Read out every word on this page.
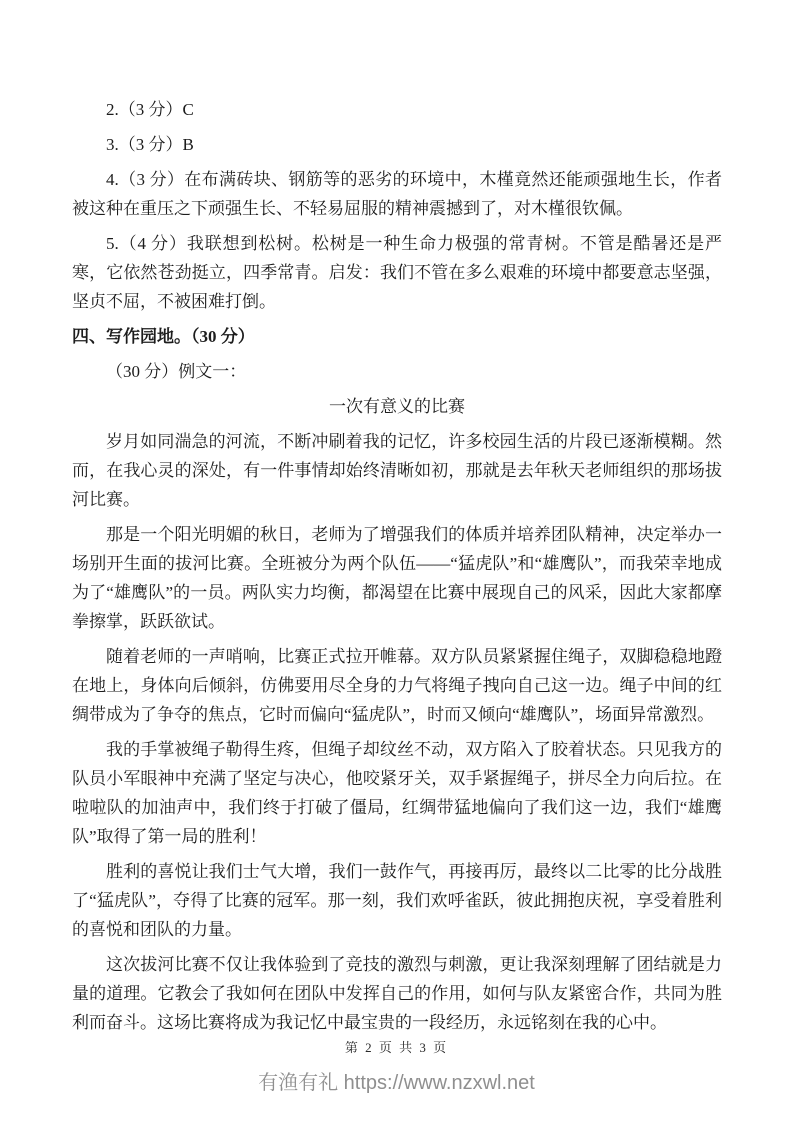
2.（3 分）C

3.（3 分）B

4.（3 分）在布满砖块、钢筋等的恶劣的环境中，木槿竟然还能顽强地生长，作者被这种在重压之下顽强生长、不轻易屈服的精神震撼到了，对木槿很钦佩。

5.（4 分）我联想到松树。松树是一种生命力极强的常青树。不管是酷暑还是严寒，它依然苍劲挺立，四季常青。启发：我们不管在多么艰难的环境中都要意志坚强，坚贞不屈，不被困难打倒。

四、写作园地。（30 分）

（30 分）例文一：

一次有意义的比赛

岁月如同湍急的河流，不断冲刷着我的记忆，许多校园生活的片段已逐渐模糊。然而，在我心灵的深处，有一件事情却始终清晰如初，那就是去年秋天老师组织的那场拔河比赛。

那是一个阳光明媚的秋日，老师为了增强我们的体质并培养团队精神，决定举办一场别开生面的拔河比赛。全班被分为两个队伍——“猛虎队”和“雄鹰队”，而我荣幸地成为了“雄鹰队”的一员。两队实力均衡，都渴望在比赛中展现自己的风采，因此大家都摩拳擦掌，跃跃欲试。

随着老师的一声哨响，比赛正式拉开帷幕。双方队员紧紧握住绳子，双脚稳稳地蹬在地上，身体向后倾斜，仿佛要用尽全身的力气将绳子拽向自己这一边。绳子中间的红绸带成为了争夺的焦点，它时而偏向“猛虎队”，时而又倾向“雄鹰队”，场面异常激烈。

我的手掌被绳子勒得生疼，但绳子却纹丝不动，双方陷入了胶着状态。只见我方的队员小军眼神中充满了坚定与决心，他咬紧牙关，双手紧握绳子，拼尽全力向后拉。在啦啦队的加油声中，我们终于打破了僵局，红绸带猛地偏向了我们这一边，我们“雄鹰队”取得了第一局的胜利！

胜利的喜悦让我们士气大增，我们一鼓作气，再接再厉，最终以二比零的比分战胜了“猛虎队”，夺得了比赛的冠军。那一刻，我们欢呼雀跃，彼此拥抱庆祝，享受着胜利的喜悦和团队的力量。

这次拔河比赛不仅让我体验到了竞技的激烈与刺激，更让我深刻理解了团结就是力量的道理。它教会了我如何在团队中发挥自己的作用，如何与队友紧密合作，共同为胜利而奋斗。这场比赛将成为我记忆中最宝贵的一段经历，永远铭刻在我的心中。

第 2 页 共 3 页
有渔有礼 https://www.nzxwl.net
